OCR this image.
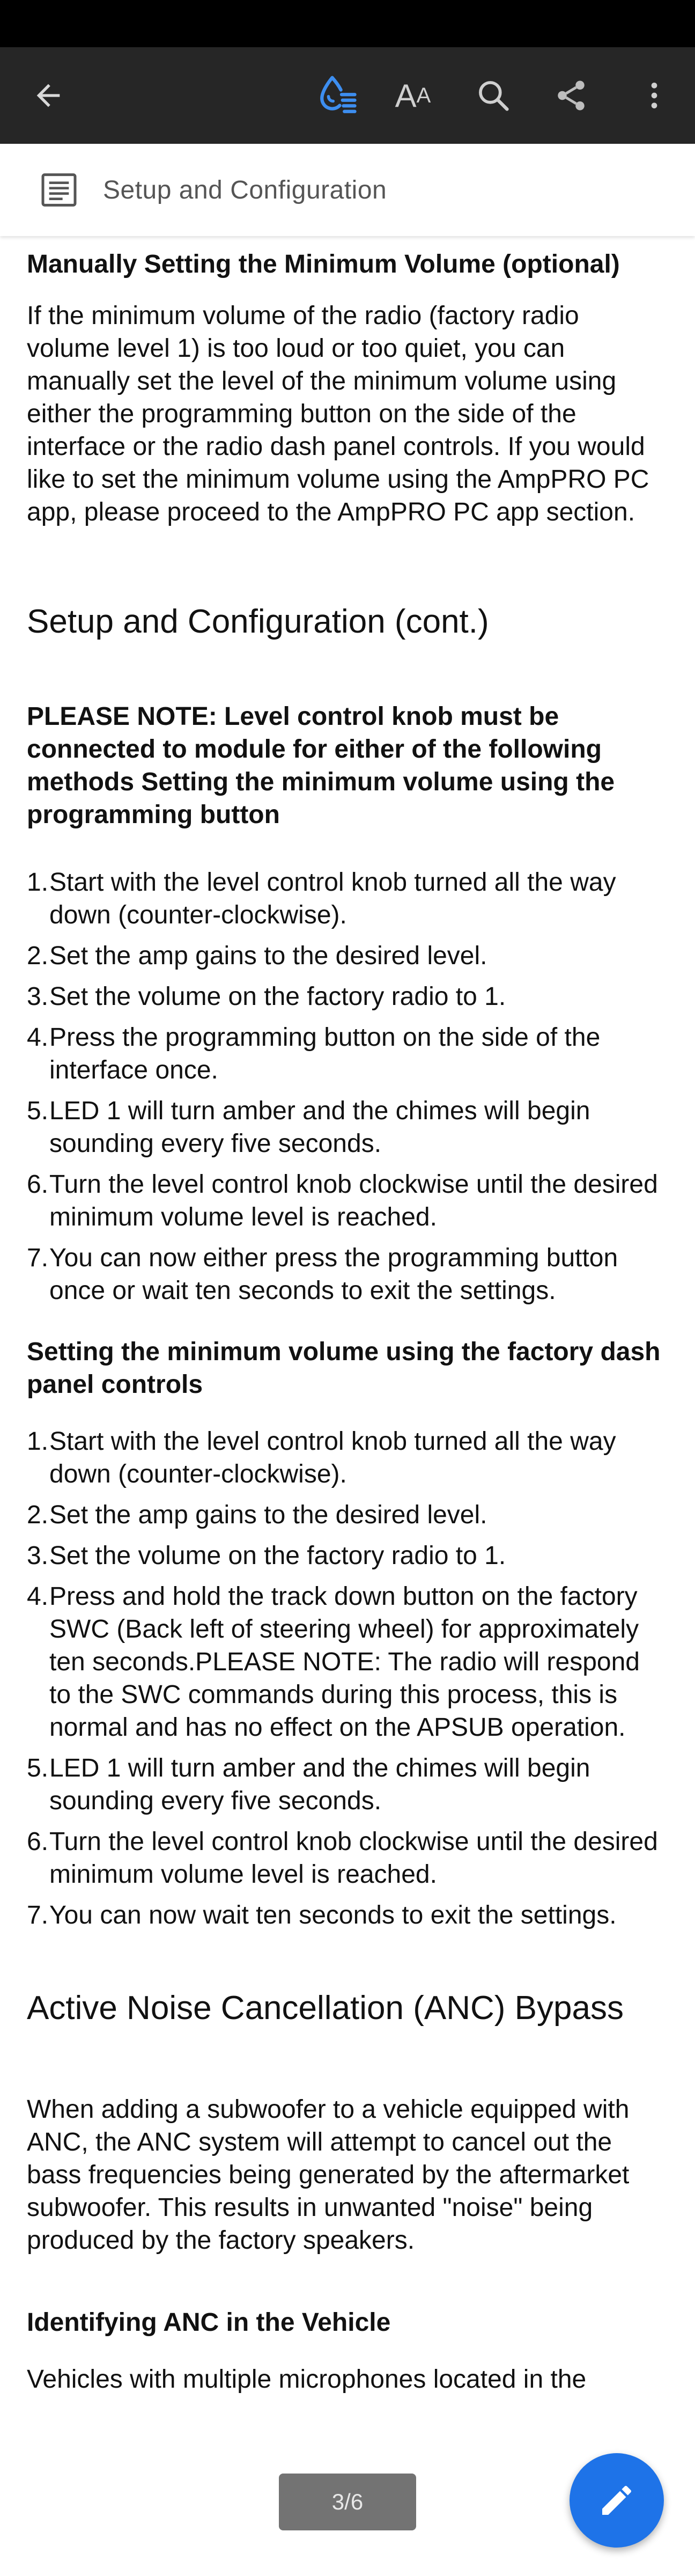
A A
Setup and Configuration

Manually Setting the Minimum Volume (optional)

If the minimum volume of the radio (factory radio volume level 1) is too loud or too quiet, you can manually set the level of the minimum volume using either the programming button on the side of the interface or the radio dash panel controls. If you would like to set the minimum volume using the AmpPRO PC app, please proceed to the AmpPRO PC app section.

Setup and Configuration (cont.)

PLEASE NOTE: Level control knob must be connected to module for either of the following methods Setting the minimum volume using the programming button

1. Start with the level control knob turned all the way down (counter-clockwise).
2. Set the amp gains to the desired level.
3. Set the volume on the factory radio to 1.
4. Press the programming button on the side of the interface once.
5. LED 1 will turn amber and the chimes will begin sounding every five seconds.
6. Turn the level control knob clockwise until the desired minimum volume level is reached.
7. You can now either press the programming button once or wait ten seconds to exit the settings.

Setting the minimum volume using the factory dash panel controls

1. Start with the level control knob turned all the way down (counter-clockwise).
2. Set the amp gains to the desired level.
3. Set the volume on the factory radio to 1.
4. Press and hold the track down button on the factory SWC (Back left of steering wheel) for approximately ten seconds.PLEASE NOTE: The radio will respond to the SWC commands during this process, this is normal and has no effect on the APSUB operation.
5. LED 1 will turn amber and the chimes will begin sounding every five seconds.
6. Turn the level control knob clockwise until the desired minimum volume level is reached.
7. You can now wait ten seconds to exit the settings.

Active Noise Cancellation (ANC) Bypass

When adding a subwoofer to a vehicle equipped with ANC, the ANC system will attempt to cancel out the bass frequencies being generated by the aftermarket subwoofer. This results in unwanted "noise" being produced by the factory speakers.

Identifying ANC in the Vehicle

Vehicles with multiple microphones located in the

3/6
